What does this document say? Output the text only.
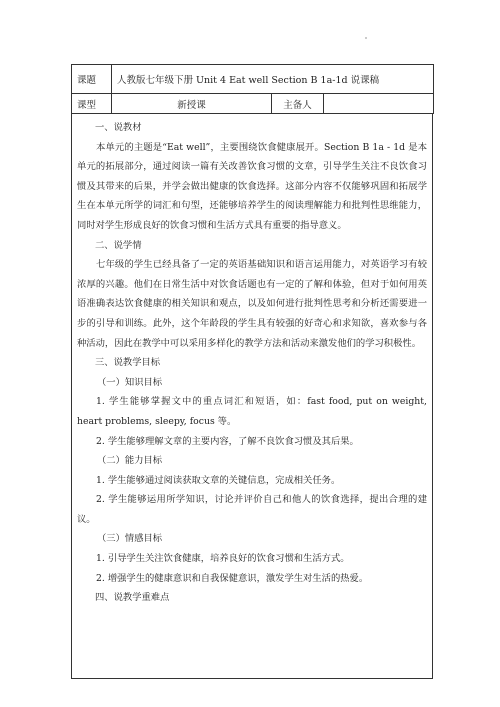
课题	人教版七年级下册 Unit 4 Eat well Section B 1a-1d 说课稿		
课型	新授课	主备人	

一、说教材

本单元的主题是“Eat well”，主要围绕饮食健康展开。Section B 1a - 1d 是本单元的拓展部分，通过阅读一篇有关改善饮食习惯的文章，引导学生关注不良饮食习惯及其带来的后果，并学会做出健康的饮食选择。这部分内容不仅能够巩固和拓展学生在本单元所学的词汇和句型，还能够培养学生的阅读理解能力和批判性思维能力，同时对学生形成良好的饮食习惯和生活方式具有重要的指导意义。

二、说学情

七年级的学生已经具备了一定的英语基础知识和语言运用能力，对英语学习有较浓厚的兴趣。他们在日常生活中对饮食话题也有一定的了解和体验，但对于如何用英语准确表达饮食健康的相关知识和观点，以及如何进行批判性思考和分析还需要进一步的引导和训练。此外，这个年龄段的学生具有较强的好奇心和求知欲，喜欢参与各种活动，因此在教学中可以采用多样化的教学方法和活动来激发他们的学习积极性。

三、说教学目标

（一）知识目标

1. 学生能够掌握文中的重点词汇和短语，如：fast food, put on weight, heart problems, sleepy, focus 等。

2. 学生能够理解文章的主要内容，了解不良饮食习惯及其后果。

（二）能力目标

1. 学生能够通过阅读获取文章的关键信息，完成相关任务。

2. 学生能够运用所学知识，讨论并评价自己和他人的饮食选择，提出合理的建议。

（三）情感目标

1. 引导学生关注饮食健康，培养良好的饮食习惯和生活方式。

2. 增强学生的健康意识和自我保健意识，激发学生对生活的热爱。

四、说教学重难点
